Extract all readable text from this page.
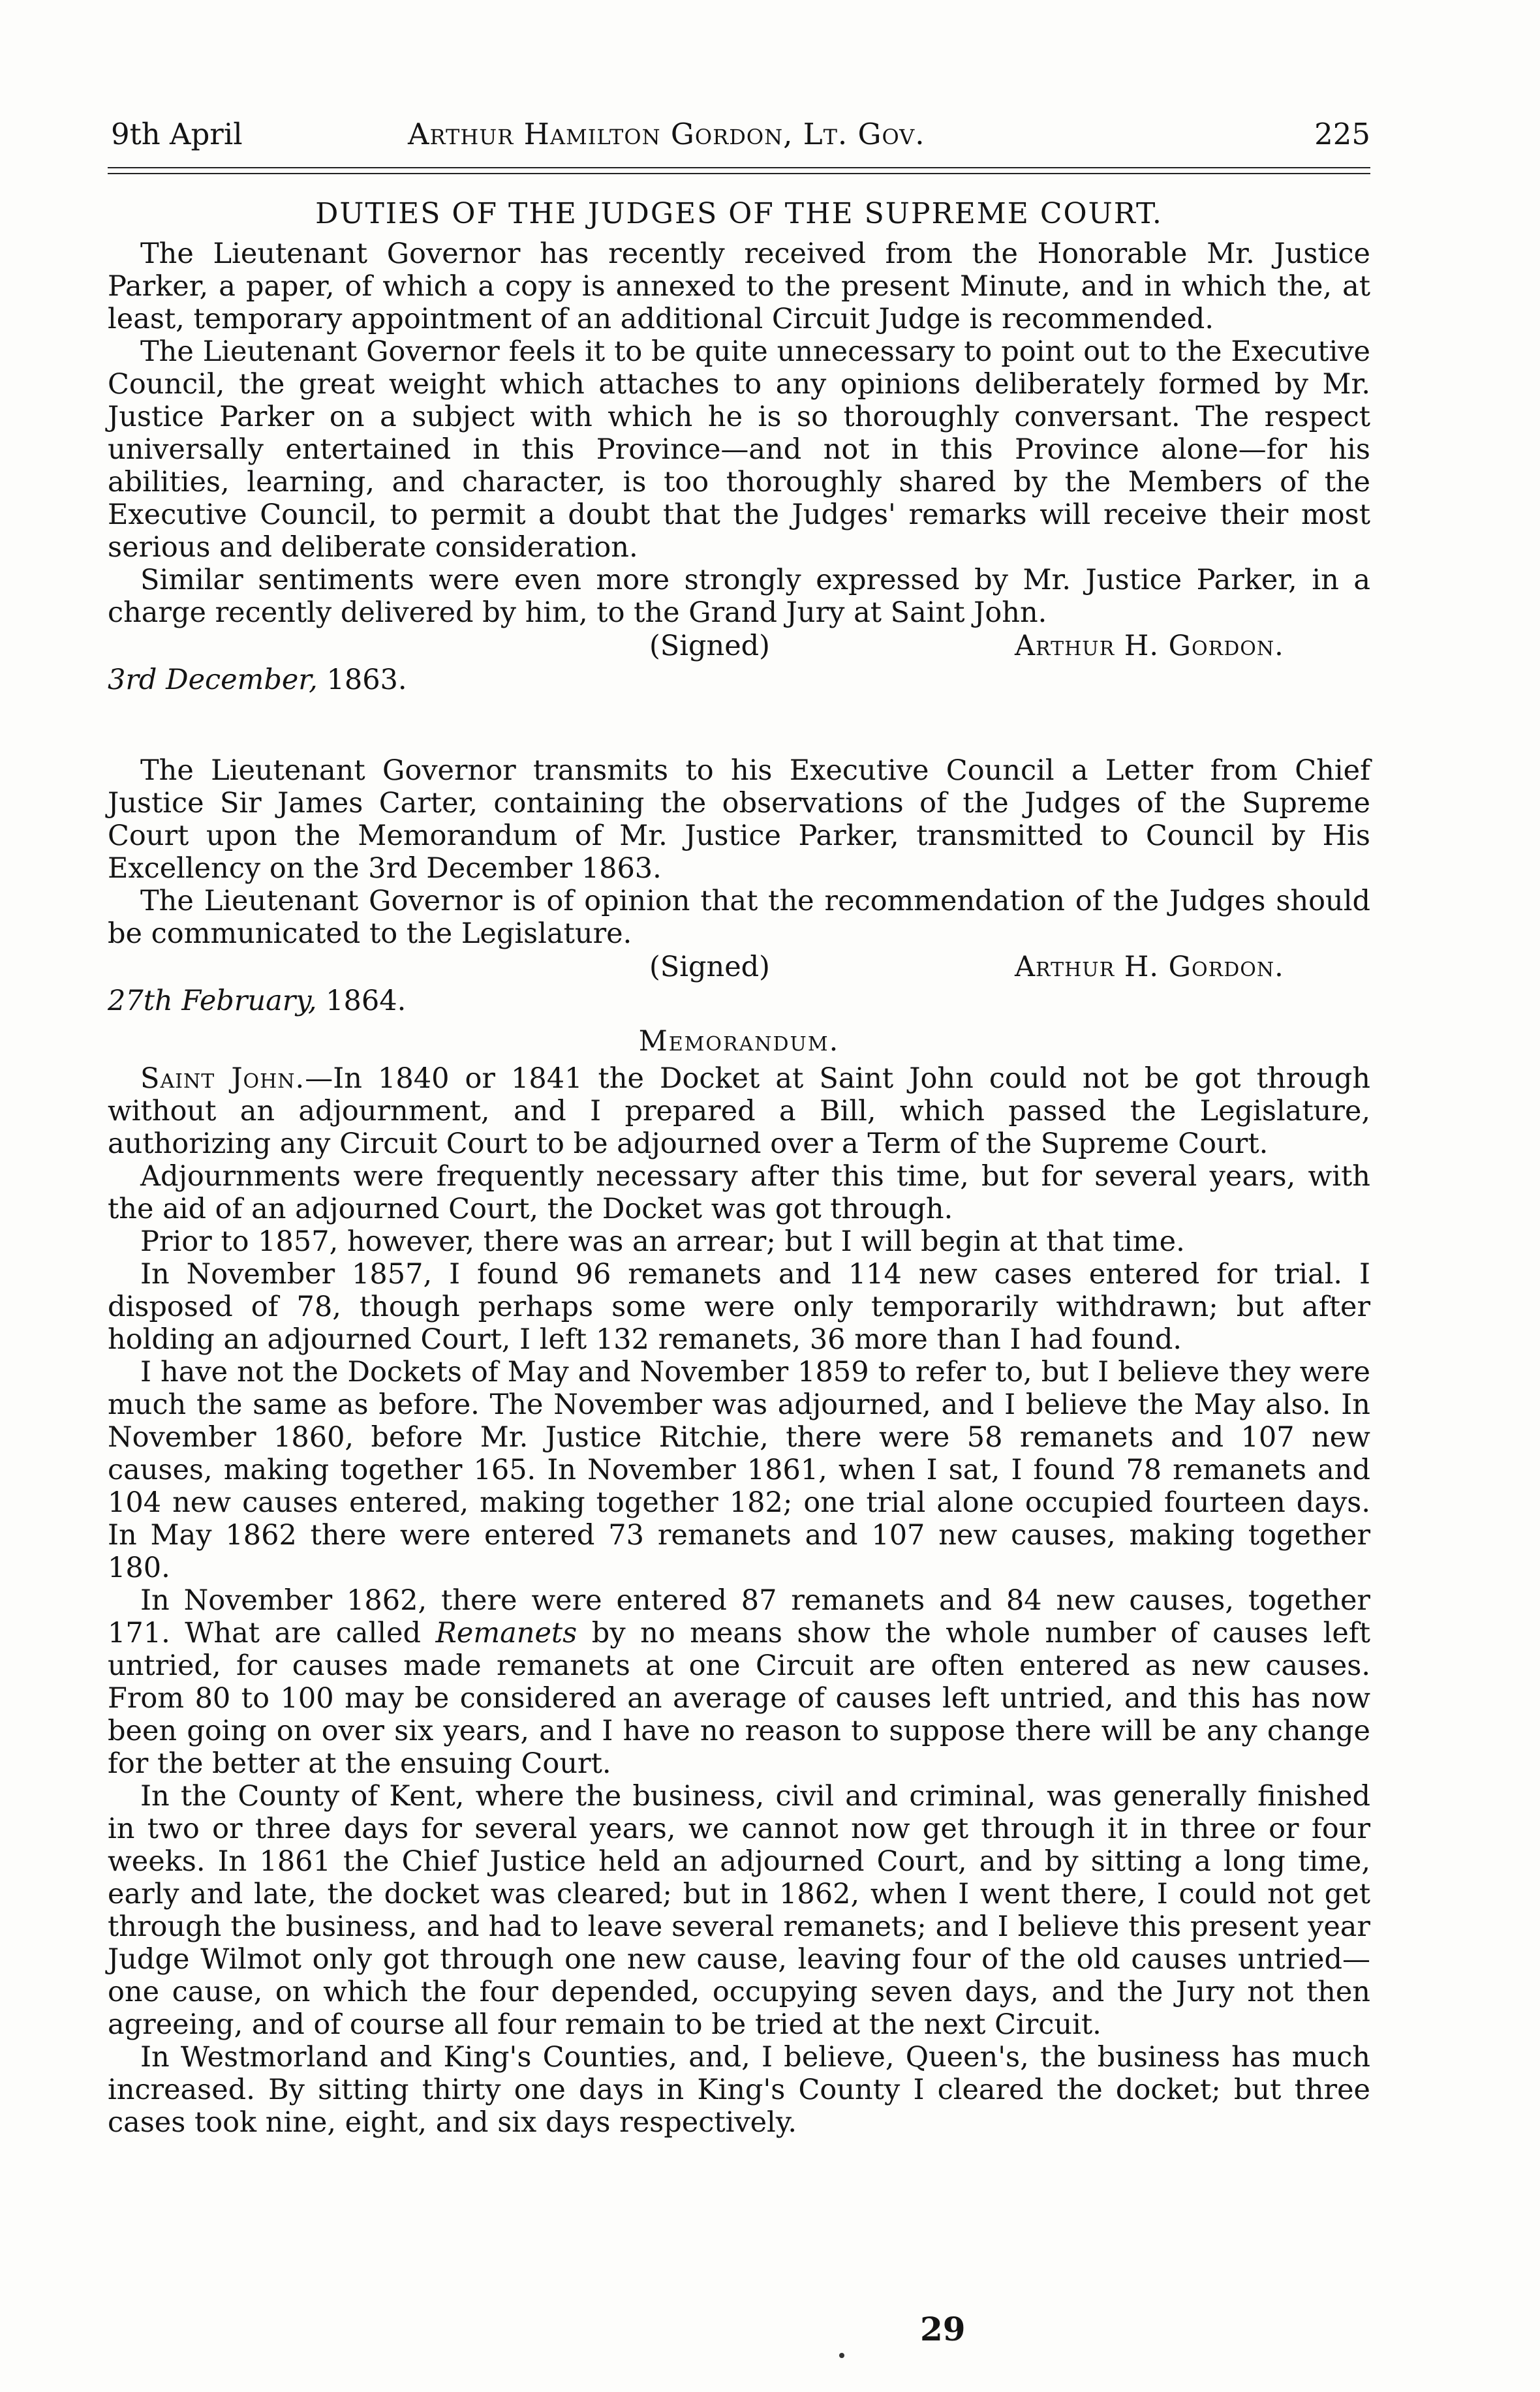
9th April	Arthur Hamilton Gordon, Lt. Gov.	225
DUTIES OF THE JUDGES OF THE SUPREME COURT.

The Lieutenant Governor has recently received from the Honorable Mr. Justice Parker, a paper, of which a copy is annexed to the present Minute, and in which the, at least, temporary appointment of an additional Circuit Judge is recommended.

The Lieutenant Governor feels it to be quite unnecessary to point out to the Executive Council, the great weight which attaches to any opinions deliberately formed by Mr. Justice Parker on a subject with which he is so thoroughly conversant. The respect universally entertained in this Province—and not in this Province alone—for his abilities, learning, and character, is too thoroughly shared by the Members of the Executive Council, to permit a doubt that the Judges' remarks will receive their most serious and deliberate consideration.

Similar sentiments were even more strongly expressed by Mr. Justice Parker, in a charge recently delivered by him, to the Grand Jury at Saint John.

(Signed)	Arthur H. Gordon.

3rd December, 1863.

The Lieutenant Governor transmits to his Executive Council a Letter from Chief Justice Sir James Carter, containing the observations of the Judges of the Supreme Court upon the Memorandum of Mr. Justice Parker, transmitted to Council by His Excellency on the 3rd December 1863.

The Lieutenant Governor is of opinion that the recommendation of the Judges should be communicated to the Legislature.

(Signed)	Arthur H. Gordon.

27th February, 1864.

Memorandum.

Saint John.—In 1840 or 1841 the Docket at Saint John could not be got through without an adjournment, and I prepared a Bill, which passed the Legislature, authorizing any Circuit Court to be adjourned over a Term of the Supreme Court.

Adjournments were frequently necessary after this time, but for several years, with the aid of an adjourned Court, the Docket was got through.

Prior to 1857, however, there was an arrear; but I will begin at that time.

In November 1857, I found 96 remanets and 114 new cases entered for trial. I disposed of 78, though perhaps some were only temporarily withdrawn; but after holding an adjourned Court, I left 132 remanets, 36 more than I had found.

I have not the Dockets of May and November 1859 to refer to, but I believe they were much the same as before. The November was adjourned, and I believe the May also. In November 1860, before Mr. Justice Ritchie, there were 58 remanets and 107 new causes, making together 165. In November 1861, when I sat, I found 78 remanets and 104 new causes entered, making together 182; one trial alone occupied fourteen days. In May 1862 there were entered 73 remanets and 107 new causes, making together 180.

In November 1862, there were entered 87 remanets and 84 new causes, together 171. What are called Remanets by no means show the whole number of causes left untried, for causes made remanets at one Circuit are often entered as new causes. From 80 to 100 may be considered an average of causes left untried, and this has now been going on over six years, and I have no reason to suppose there will be any change for the better at the ensuing Court.

In the County of Kent, where the business, civil and criminal, was generally finished in two or three days for several years, we cannot now get through it in three or four weeks. In 1861 the Chief Justice held an adjourned Court, and by sitting a long time, early and late, the docket was cleared; but in 1862, when I went there, I could not get through the business, and had to leave several remanets; and I believe this present year Judge Wilmot only got through one new cause, leaving four of the old causes untried—one cause, on which the four depended, occupying seven days, and the Jury not then agreeing, and of course all four remain to be tried at the next Circuit.

In Westmorland and King's Counties, and, I believe, Queen's, the business has much increased. By sitting thirty one days in King's County I cleared the docket; but three cases took nine, eight, and six days respectively.

29
